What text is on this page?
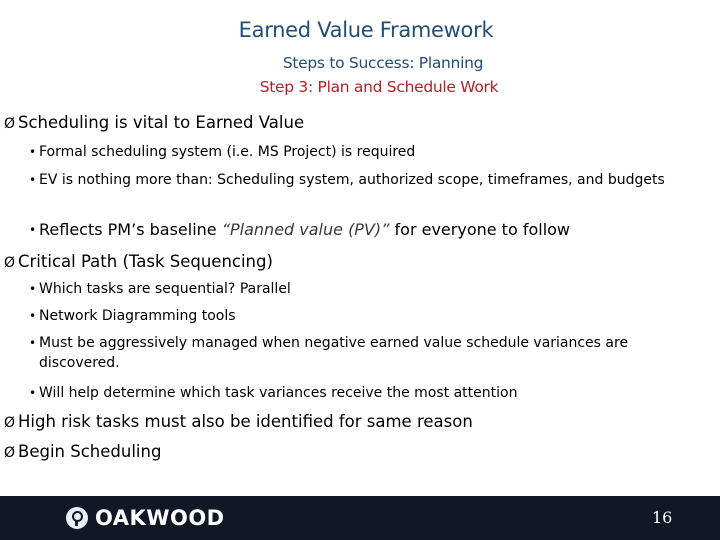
Earned Value Framework
Steps to Success: Planning
Step 3: Plan and Schedule Work
Ø Scheduling is vital to Earned Value
• Formal scheduling system (i.e. MS Project) is required
• EV is nothing more than: Scheduling system, authorized scope, timeframes, and budgets
• Reflects PM’s baseline “Planned value (PV)” for everyone to follow
Ø Critical Path (Task Sequencing)
• Which tasks are sequential? Parallel
• Network Diagramming tools
• Must be aggressively managed when negative earned value schedule variances are discovered.
• Will help determine which task variances receive the most attention
Ø High risk tasks must also be identified for same reason
Ø Begin Scheduling
OAKWOOD	16
